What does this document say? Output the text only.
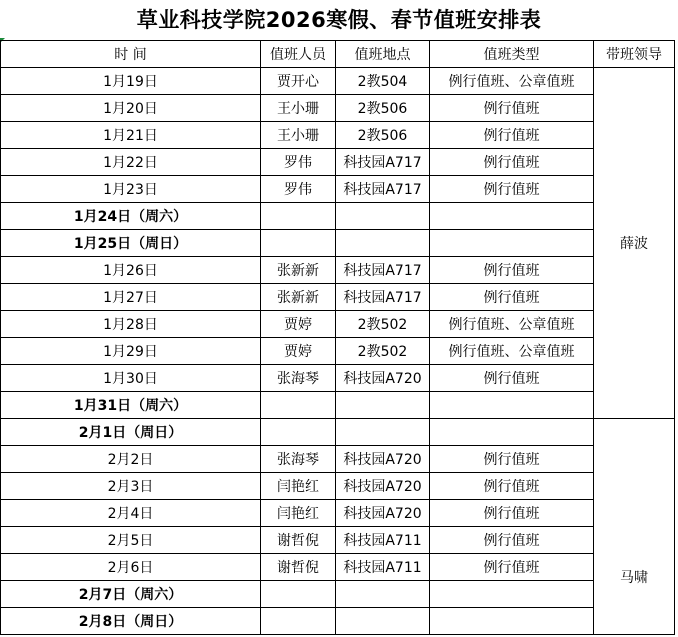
草业科技学院2026寒假、春节值班安排表
时 间	值班人员	值班地点	值班类型	带班领导
1月19日	贾开心	2教504	例行值班、公章值班	薛波
1月20日	王小珊	2教506	例行值班	
1月21日	王小珊	2教506	例行值班	
1月22日	罗伟	科技园A717	例行值班	
1月23日	罗伟	科技园A717	例行值班	
1月24日（周六）				
1月25日（周日）				
1月26日	张新新	科技园A717	例行值班	
1月27日	张新新	科技园A717	例行值班	
1月28日	贾婷	2教502	例行值班、公章值班	
1月29日	贾婷	2教502	例行值班、公章值班	
1月30日	张海琴	科技园A720	例行值班	
1月31日（周六）				
2月1日（周日）				马啸
2月2日	张海琴	科技园A720	例行值班	
2月3日	闫艳红	科技园A720	例行值班	
2月4日	闫艳红	科技园A720	例行值班	
2月5日	谢哲倪	科技园A711	例行值班	
2月6日	谢哲倪	科技园A711	例行值班	
2月7日（周六）				
2月8日（周日）				
